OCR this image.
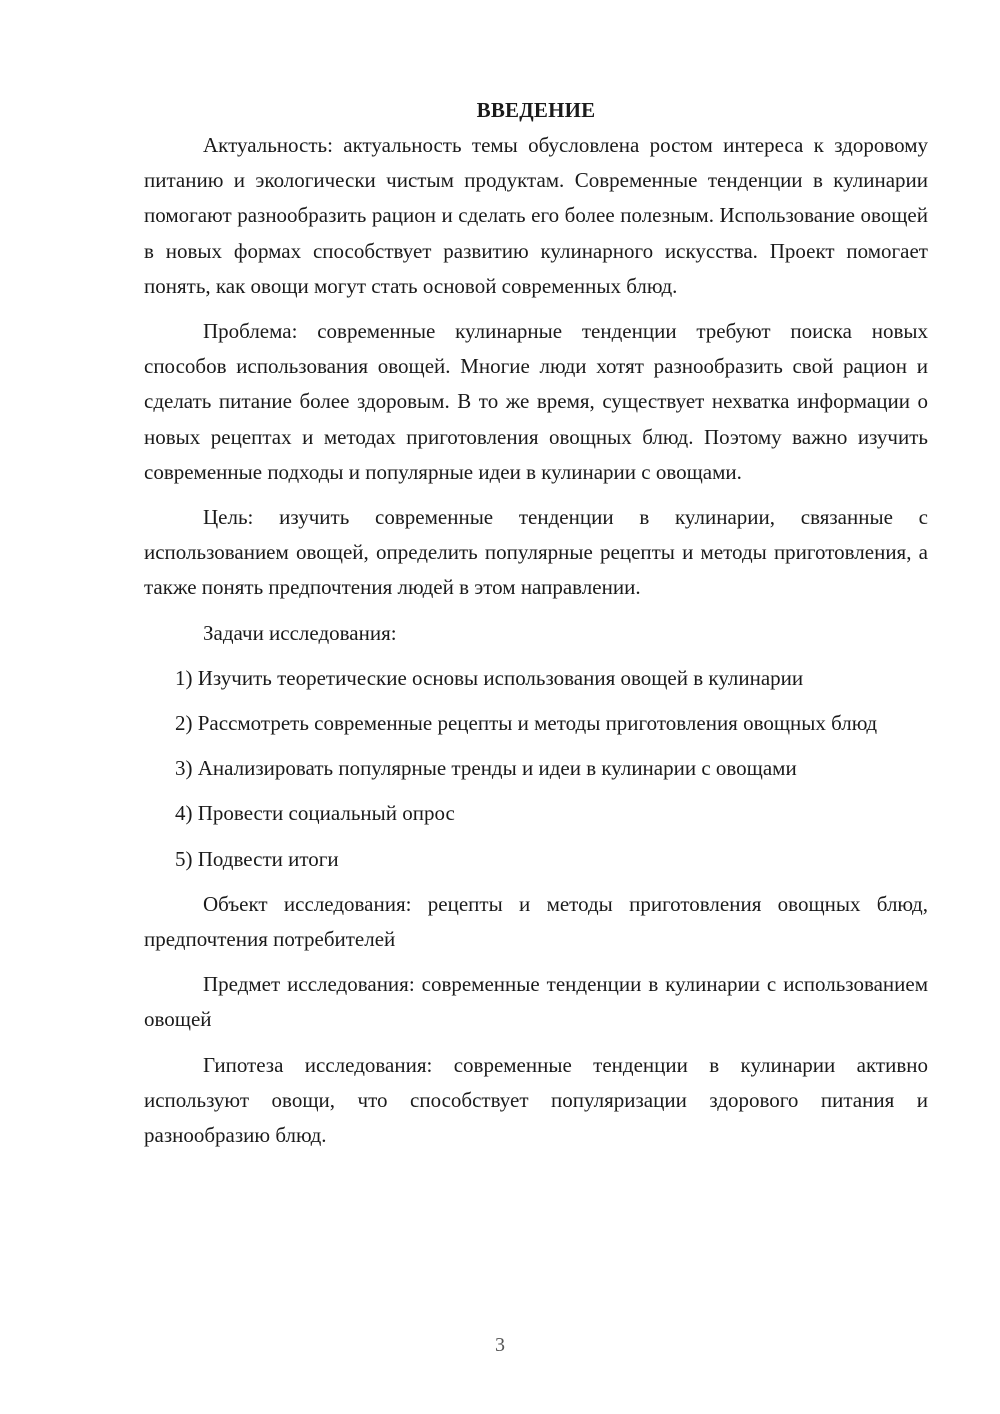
ВВЕДЕНИЕ

Актуальность: актуальность темы обусловлена ростом интереса к здоровому питанию и экологически чистым продуктам. Современные тенденции в кулинарии помогают разнообразить рацион и сделать его более полезным. Использование овощей в новых формах способствует развитию кулинарного искусства. Проект помогает понять, как овощи могут стать основой современных блюд.

Проблема: современные кулинарные тенденции требуют поиска новых способов использования овощей. Многие люди хотят разнообразить свой рацион и сделать питание более здоровым. В то же время, существует нехватка информации о новых рецептах и методах приготовления овощных блюд. Поэтому важно изучить современные подходы и популярные идеи в кулинарии с овощами.

Цель: изучить современные тенденции в кулинарии, связанные с использованием овощей, определить популярные рецепты и методы приготовления, а также понять предпочтения людей в этом направлении.

Задачи исследования:

1) Изучить теоретические основы использования овощей в кулинарии

2) Рассмотреть современные рецепты и методы приготовления овощных блюд

3) Анализировать популярные тренды и идеи в кулинарии с овощами

4) Провести социальный опрос

5) Подвести итоги

Объект исследования: рецепты и методы приготовления овощных блюд, предпочтения потребителей

Предмет исследования: современные тенденции в кулинарии с использованием овощей

Гипотеза исследования: современные тенденции в кулинарии активно используют овощи, что способствует популяризации здорового питания и разнообразию блюд.

3
